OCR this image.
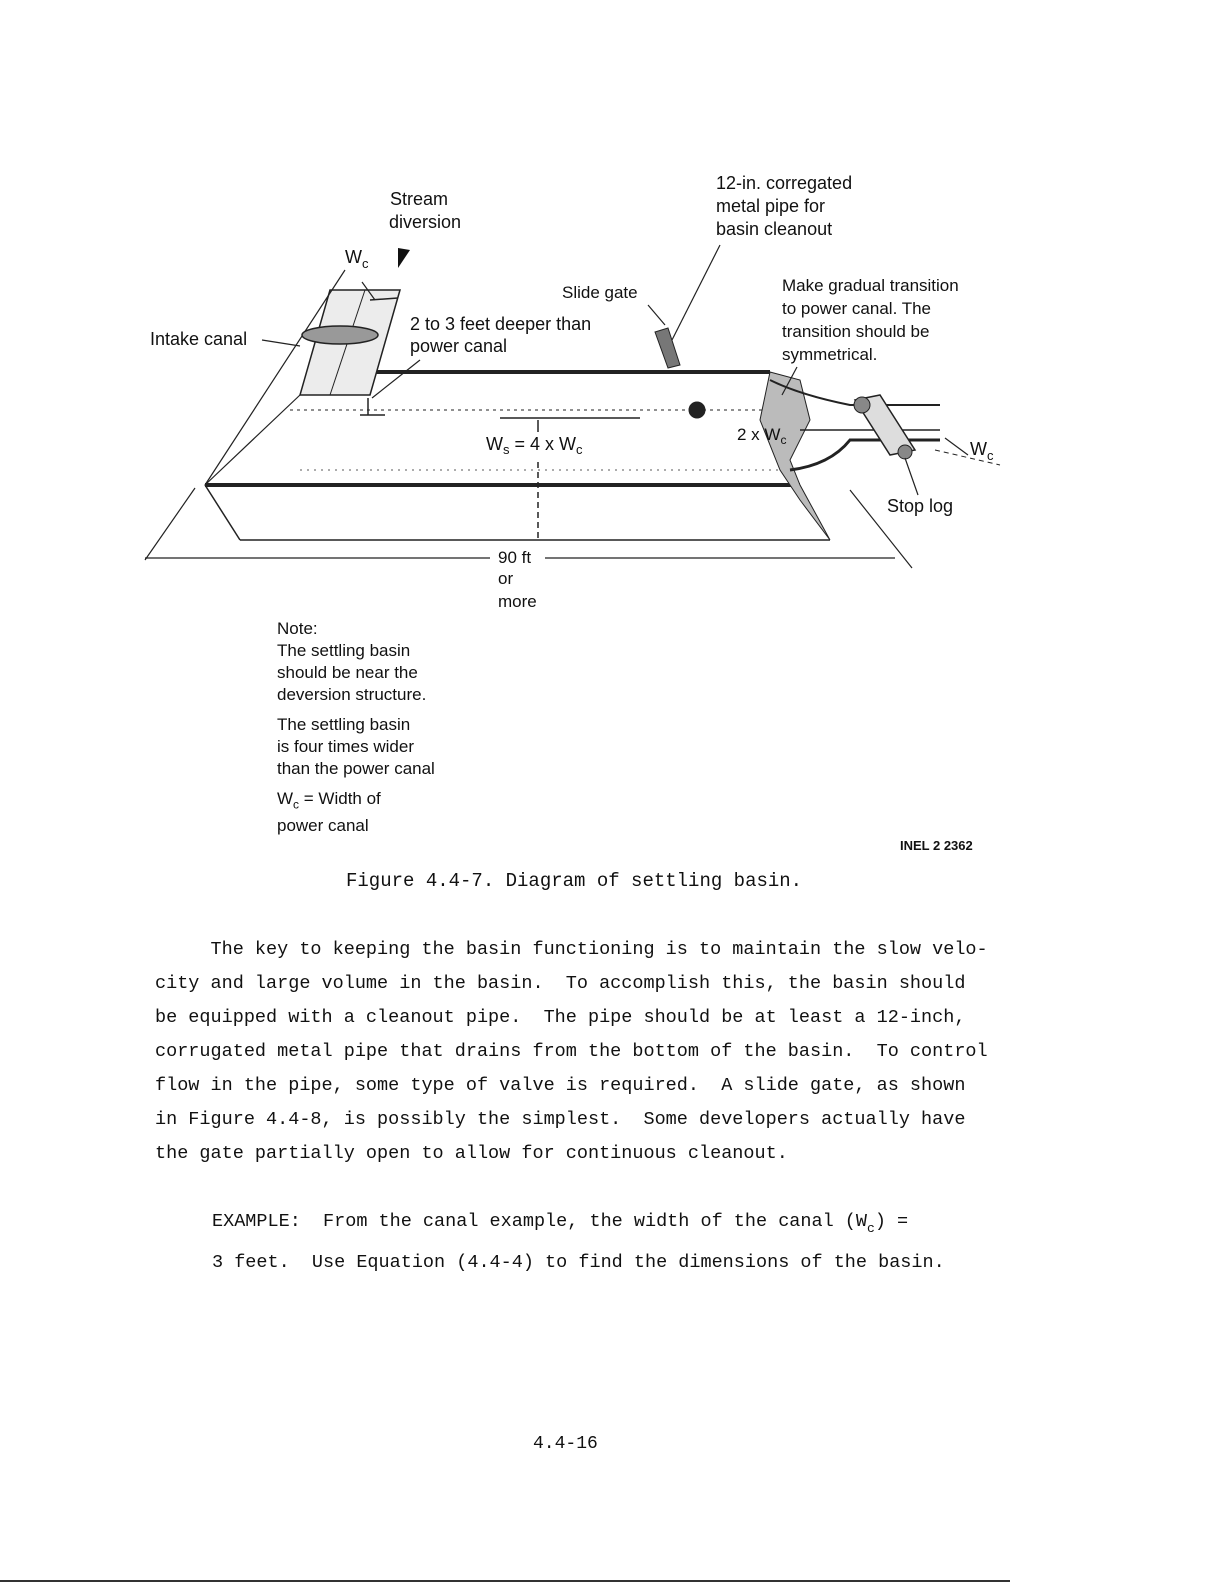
Stream diversion
$W_c$
Intake canal
2 to 3 feet deeper than power canal
Slide gate
12-in. corregated metal pipe for basin cleanout
Make gradual transition to power canal. The transition should be symmetrical.
$W_s = 4$ x $W_c$
2 x $W_c$	$W_c$
Stop log
90 ft or more

Note:
The settling basin
should be near the
deversion structure.

The settling basin
is four times wider
than the power canal

$W_c$ = Width of
power canal

INEL 2 2362
Figure 4.4-7. Diagram of settling basin.
The key to keeping the basin functioning is to maintain the slow velo-
city and large volume in the basin.  To accomplish this, the basin should
be equipped with a cleanout pipe.  The pipe should be at least a 12-inch,
corrugated metal pipe that drains from the bottom of the basin.  To control
flow in the pipe, some type of valve is required.  A slide gate, as shown
in Figure 4.4-8, is possibly the simplest.  Some developers actually have
the gate partially open to allow for continuous cleanout.
EXAMPLE:  From the canal example, the width of the canal $(W_c)$ =
3 feet.  Use Equation (4.4-4) to find the dimensions of the basin.
4.4-16
